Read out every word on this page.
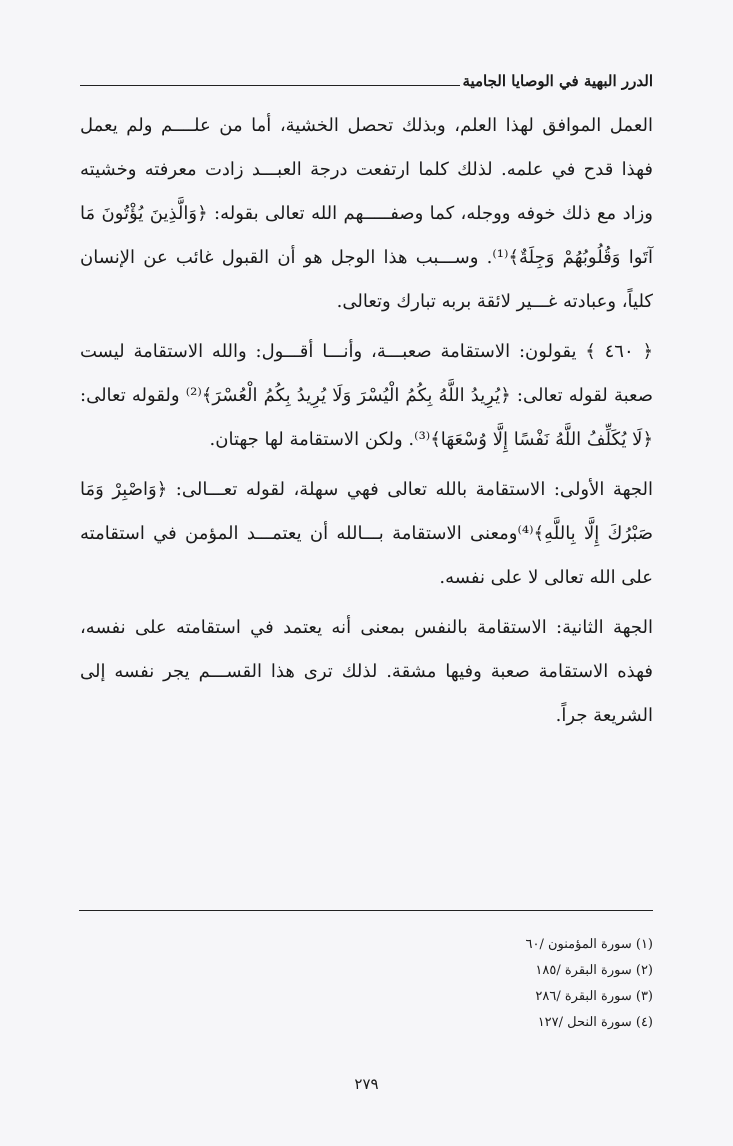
الدرر البهية في الوصايا الجامية

العمل الموافق لهذا العلم، وبذلك تحصل الخشية، أما من علــــم ولم يعمل فهذا قدح في علمه. لذلك كلما ارتفعت درجة العبـــد زادت معرفته وخشيته وزاد مع ذلك خوفه ووجله، كما وصفـــــهم الله تعالى بقوله: ﴿وَالَّذِينَ يُؤْتُونَ مَا آتَوا وَقُلُوبُهُمْ وَجِلَةٌ﴾⁽¹⁾. وســـبب هذا الوجل هو أن القبول غائب عن الإنسان كلياً، وعبادته غـــير لائقة بربه تبارك وتعالى.

﴿ ٤٦٠ ﴾ يقولون: الاستقامة صعبـــة، وأنـــا أقـــول: والله الاستقامة ليست صعبة لقوله تعالى: ﴿يُرِيدُ اللَّهُ بِكُمُ الْيُسْرَ وَلَا يُرِيدُ بِكُمُ الْعُسْرَ﴾⁽²⁾ ولقوله تعالى: ﴿لَا يُكَلِّفُ اللَّهُ نَفْسًا إِلَّا وُسْعَهَا﴾⁽³⁾. ولكن الاستقامة لها جهتان.

الجهة الأولى: الاستقامة بالله تعالى فهي سهلة، لقوله تعـــالى: ﴿وَاصْبِرْ وَمَا صَبْرُكَ إِلَّا بِاللَّهِ﴾⁽⁴⁾ومعنى الاستقامة بـــالله أن يعتمـــد المؤمن في استقامته على الله تعالى لا على نفسه.

الجهة الثانية: الاستقامة بالنفس بمعنى أنه يعتمد في استقامته على نفسه، فهذه الاستقامة صعبة وفيها مشقة. لذلك ترى هذا القســـم يجر نفسه إلى الشريعة جراً.

(١) سورة المؤمنون /٦٠
(٢) سورة البقرة /١٨٥
(٣) سورة البقرة /٢٨٦
(٤) سورة النحل /١٢٧
٢٧٩
